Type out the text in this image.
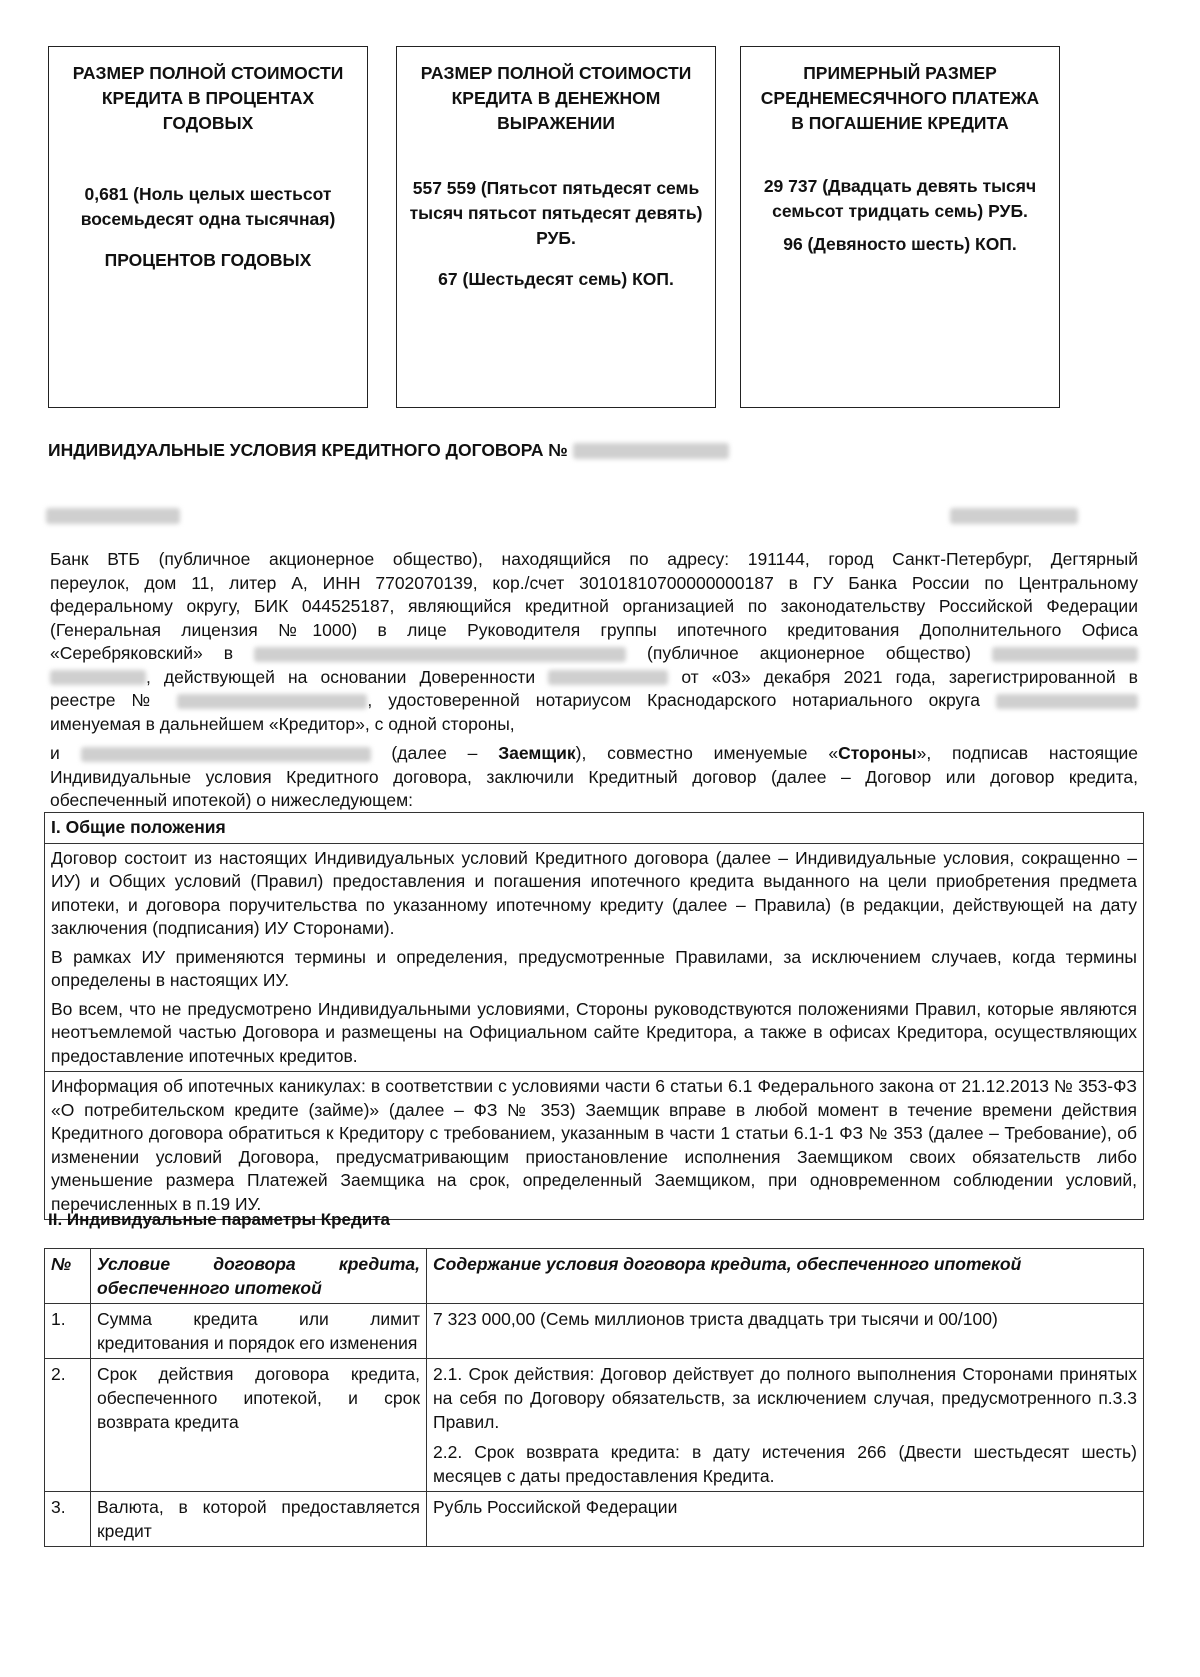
РАЗМЕР ПОЛНОЙ СТОИМОСТИ

КРЕДИТА В ПРОЦЕНТАХ

ГОДОВЫХ

0,681 (Ноль целых шестьсот

восемьдесят одна тысячная)

ПРОЦЕНТОВ ГОДОВЫХ

РАЗМЕР ПОЛНОЙ СТОИМОСТИ

КРЕДИТА В ДЕНЕЖНОМ

ВЫРАЖЕНИИ

557 559 (Пятьсот пятьдесят семь

тысяч пятьсот пятьдесят девять)

РУБ.

67 (Шестьдесят семь) КОП.

ПРИМЕРНЫЙ РАЗМЕР

СРЕДНЕМЕСЯЧНОГО ПЛАТЕЖА

В ПОГАШЕНИЕ КРЕДИТА

29 737 (Двадцать девять тысяч

семьсот тридцать семь) РУБ.

96 (Девяносто шесть) КОП.

ИНДИВИДУАЛЬНЫЕ УСЛОВИЯ КРЕДИТНОГО ДОГОВОРА №
Банк ВТБ (публичное акционерное общество), находящийся по адресу: 191144, город Санкт-Петербург, Дегтярный
переулок, дом 11, литер А, ИНН 7702070139, кор./счет 30101810700000000187 в ГУ Банка России по Центральному
федеральному округу, БИК 044525187, являющийся кредитной организацией по законодательству Российской Федерации
(Генеральная лицензия №1000) в лице Руководителя группы ипотечного кредитования Дополнительного Офиса
«Серебряковский» в	(публичное акционерное общество)
, действующей на основании Доверенности	от «03» декабря 2021 года, зарегистрированной в
реестре №	, удостоверенной нотариусом Краснодарского нотариального округа
именуемая в дальнейшем «Кредитор», с одной стороны,
и	(далее – Заемщик), совместно именуемые «Стороны», подписав настоящие
Индивидуальные условия Кредитного договора, заключили Кредитный договор (далее – Договор или договор кредита,
обеспеченный ипотекой) о нижеследующем:
I. Общие положения

Договор состоит из настоящих Индивидуальных условий Кредитного договора (далее – Индивидуальные условия, сокращенно – ИУ) и Общих условий (Правил) предоставления и погашения ипотечного кредита выданного на цели приобретения предмета ипотеки, и договора поручительства по указанному ипотечному кредиту (далее – Правила) (в редакции, действующей на дату заключения (подписания) ИУ Сторонами).

В рамках ИУ применяются термины и определения, предусмотренные Правилами, за исключением случаев, когда термины определены в настоящих ИУ.

Во всем, что не предусмотрено Индивидуальными условиями, Стороны руководствуются положениями Правил, которые являются неотъемлемой частью Договора и размещены на Официальном сайте Кредитора, а также в офисах Кредитора, осуществляющих предоставление ипотечных кредитов.

Информация об ипотечных каникулах: в соответствии с условиями части 6 статьи 6.1 Федерального закона от 21.12.2013 № 353-ФЗ «О потребительском кредите (займе)» (далее – ФЗ № 353) Заемщик вправе в любой момент в течение времени действия Кредитного договора обратиться к Кредитору с требованием, указанным в части 1 статьи 6.1-1 ФЗ № 353 (далее – Требование), об изменении условий Договора, предусматривающим приостановление исполнения Заемщиком своих обязательств либо уменьшение размера Платежей Заемщика на срок, определенный Заемщиком, при одновременном соблюдении условий, перечисленных в п.19 ИУ.
II. Индивидуальные параметры Кредита
№	Условие договора кредита, обеспеченного ипотекой	Содержание условия договора кредита, обеспеченного ипотекой
1.	Сумма кредита или лимит кредитования и порядок его изменения	7 323 000,00 (Семь миллионов триста двадцать три тысячи и 00/100)
2.	Срок действия договора кредита, обеспеченного ипотекой, и срок возврата кредита	2.1. Срок действия: Договор действует до полного выполнения Сторонами принятых на себя по Договору обязательств, за исключением случая, предусмотренного п.3.3 Правил.

2.2. Срок возврата кредита: в дату истечения 266 (Двести шестьдесят шесть) месяцев с даты предоставления Кредита.

3.	Валюта, в которой предоставляется кредит	Рубль Российской Федерации
